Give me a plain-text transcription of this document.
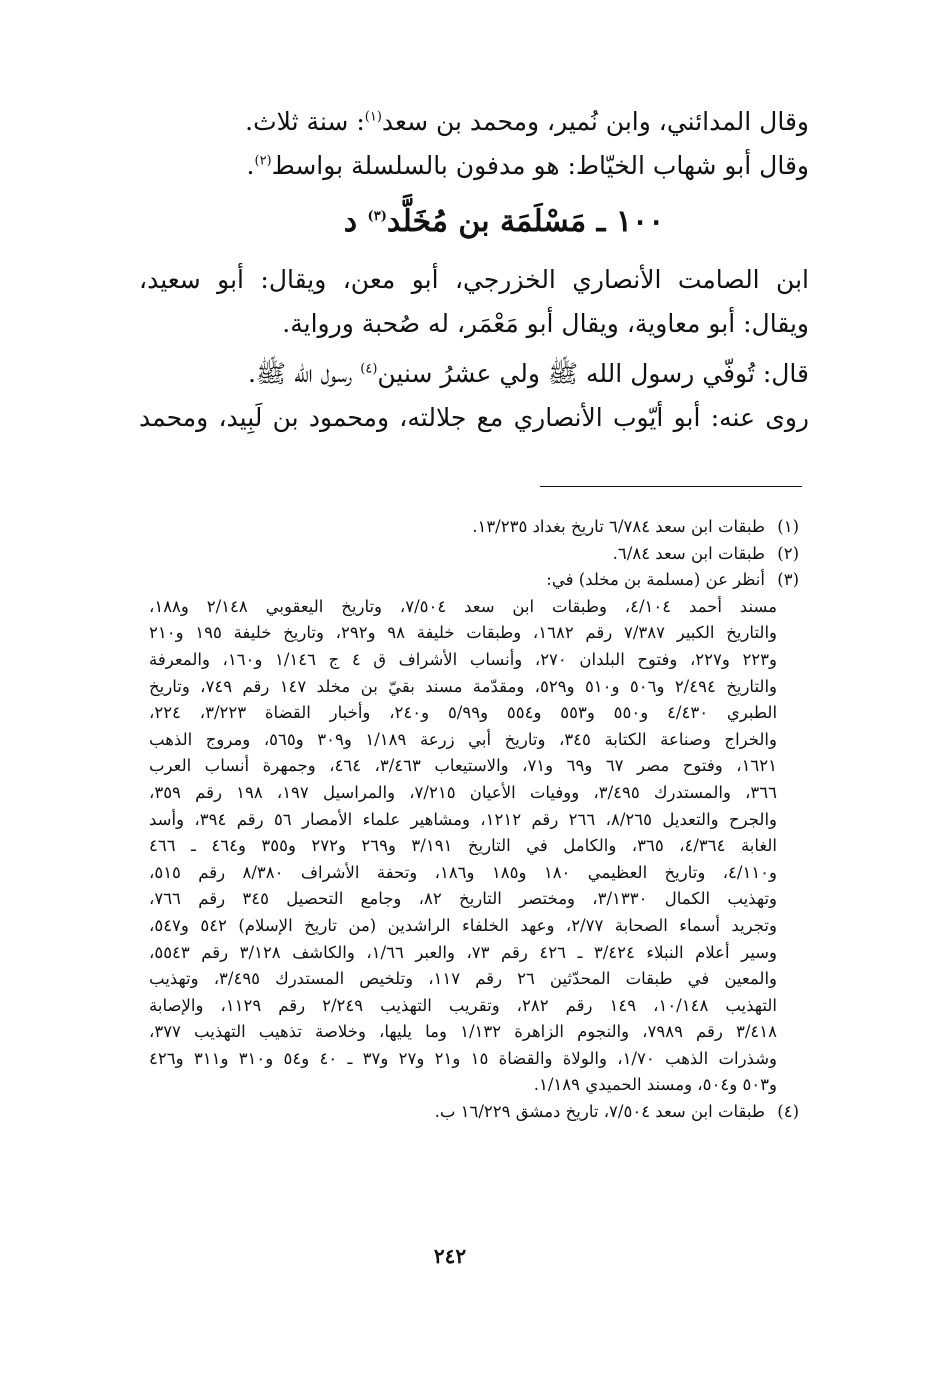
وقال المدائني، وابن نُمير، ومحمد بن سعد$^{(١)}$: سنة ثلاث.
وقال أبو شهاب الخيّاط: هو مدفون بالسلسلة بواسط$^{(٢)}$.
١٠٠ ـ مَسْلَمَة بن مُخَلَّد$^{(٣)}$ د
ابن الصامت الأنصاري الخزرجي، أبو معن، ويقال: أبو سعيد،
ويقال: أبو معاوية، ويقال أبو مَعْمَر، له صُحبة ورواية.
قال: تُوفّي رسول الله ﷺ ولي عشرُ سنين$^{(٤)}$ رسول الله ﷺ.
روى عنه: أبو أيّوب الأنصاري مع جلالته، ومحمود بن لَبِيد، ومحمد
(١)
طبقات ابن سعد ٦/٧٨٤ تاريخ بغداد ١٣/٢٣٥.
(٢)
طبقات ابن سعد ٦/٨٤.
(٣)
أنظر عن (مسلمة بن مخلد) في:
مسند أحمد ٤/١٠٤، وطبقات ابن سعد ٧/٥٠٤، وتاريخ اليعقوبي ٢/١٤٨ و١٨٨،
والتاريخ الكبير ٧/٣٨٧ رقم ١٦٨٢، وطبقات خليفة ٩٨ و٢٩٢، وتاريخ خليفة ١٩٥ و٢١٠
و٢٢٣ و٢٢٧، وفتوح البلدان ٢٧٠، وأنساب الأشراف ق ٤ ج ١/١٤٦ و١٦٠، والمعرفة
والتاريخ ٢/٤٩٤ و٥٠٦ و٥١٠ و٥٢٩، ومقدّمة مسند بقيّ بن مخلد ١٤٧ رقم ٧٤٩، وتاريخ
الطبري ٤/٤٣٠ و٥٥٠ و٥٥٣ و٥٥٤ و٥/٩٩ و٢٤٠، وأخبار القضاة ٣/٢٢٣، ٢٢٤،
والخراج وصناعة الكتابة ٣٤٥، وتاريخ أبي زرعة ١/١٨٩ و٣٠٩ و٥٦٥، ومروج الذهب
١٦٢١، وفتوح مصر ٦٧ و٦٩ و٧١، والاستيعاب ٣/٤٦٣، ٤٦٤، وجمهرة أنساب العرب
٣٦٦، والمستدرك ٣/٤٩٥، ووفيات الأعيان ٧/٢١٥، والمراسيل ١٩٧، ١٩٨ رقم ٣٥٩،
والجرح والتعديل ٨/٢٦٥، ٢٦٦ رقم ١٢١٢، ومشاهير علماء الأمصار ٥٦ رقم ٣٩٤، وأسد
الغابة ٤/٣٦٤، ٣٦٥، والكامل في التاريخ ٣/١٩١ و٢٦٩ و٢٧٢ و٣٥٥ و٤٦٤ ـ ٤٦٦
و٤/١١٠، وتاريخ العظيمي ١٨٠ و١٨٥ و١٨٦، وتحفة الأشراف ٨/٣٨٠ رقم ٥١٥،
وتهذيب الكمال ٣/١٣٣٠، ومختصر التاريخ ٨٢، وجامع التحصيل ٣٤٥ رقم ٧٦٦،
وتجريد أسماء الصحابة ٢/٧٧، وعهد الخلفاء الراشدين (من تاريخ الإسلام) ٥٤٢ و٥٤٧،
وسير أعلام النبلاء ٣/٤٢٤ ـ ٤٢٦ رقم ٧٣، والعبر ١/٦٦، والكاشف ٣/١٢٨ رقم ٥٥٤٣،
والمعين في طبقات المحدّثين ٢٦ رقم ١١٧، وتلخيص المستدرك ٣/٤٩٥، وتهذيب
التهذيب ١٠/١٤٨، ١٤٩ رقم ٢٨٢، وتقريب التهذيب ٢/٢٤٩ رقم ١١٢٩، والإصابة
٣/٤١٨ رقم ٧٩٨٩، والنجوم الزاهرة ١/١٣٢ وما يليها، وخلاصة تذهيب التهذيب ٣٧٧،
وشذرات الذهب ١/٧٠، والولاة والقضاة ١٥ و٢١ و٢٧ و٣٧ ـ ٤٠ و٥٤ و٣١٠ و٣١١ و٤٢٦
و٥٠٣ و٥٠٤، ومسند الحميدي ١/١٨٩.
(٤)
طبقات ابن سعد ٧/٥٠٤، تاريخ دمشق ١٦/٢٢٩ ب.
٢٤٢
